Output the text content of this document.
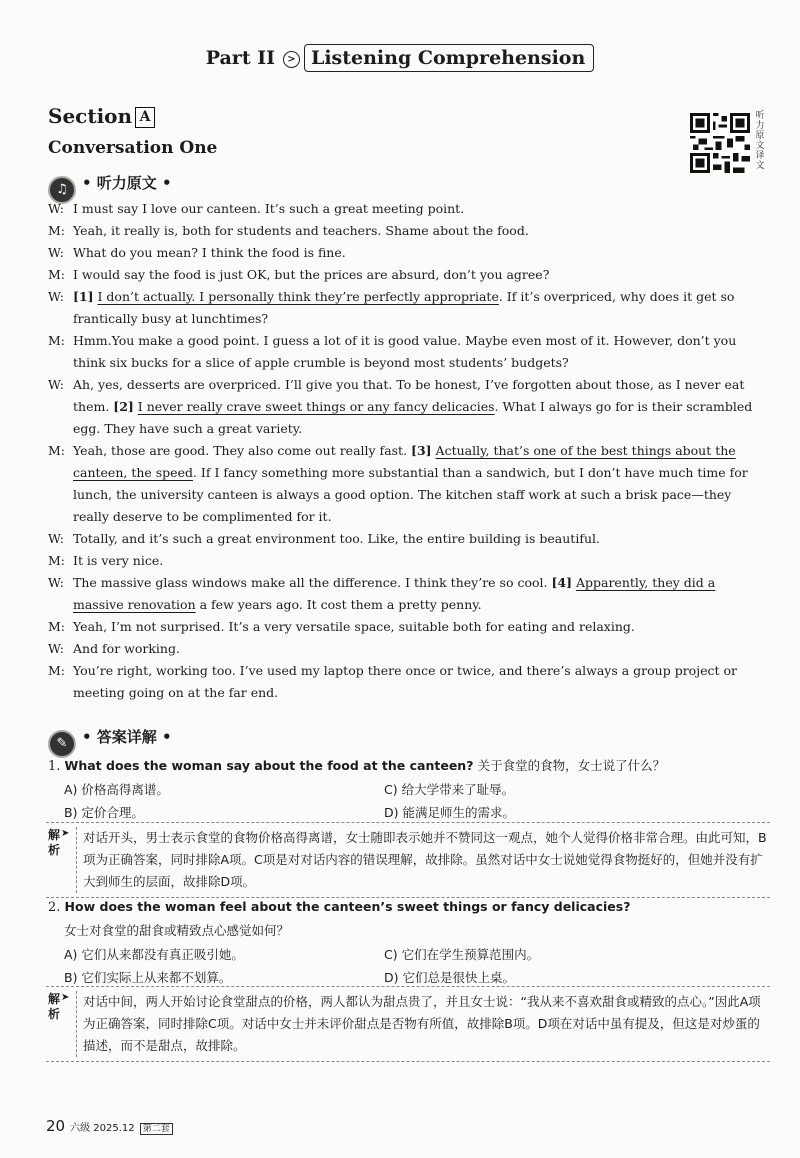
Part II > Listening Comprehension
Section A
Conversation One
听力原文译文
♫ • 听力原文 •
W: I must say I love our canteen. It’s such a great meeting point.
M: Yeah, it really is, both for students and teachers. Shame about the food.
W: What do you mean? I think the food is fine.
M: I would say the food is just OK, but the prices are absurd, don’t you agree?
W: [1] I don’t actually. I personally think they’re perfectly appropriate. If it’s overpriced, why does it get so frantically busy at lunchtimes?
M: Hmm.You make a good point. I guess a lot of it is good value. Maybe even most of it. However, don’t you think six bucks for a slice of apple crumble is beyond most students’ budgets?
W: Ah, yes, desserts are overpriced. I’ll give you that. To be honest, I’ve forgotten about those, as I never eat them. [2] I never really crave sweet things or any fancy delicacies. What I always go for is their scrambled egg. They have such a great variety.
M: Yeah, those are good. They also come out really fast. [3] Actually, that’s one of the best things about the canteen, the speed. If I fancy something more substantial than a sandwich, but I don’t have much time for lunch, the university canteen is always a good option. The kitchen staff work at such a brisk pace—they really deserve to be complimented for it.
W: Totally, and it’s such a great environment too. Like, the entire building is beautiful.
M: It is very nice.
W: The massive glass windows make all the difference. I think they’re so cool. [4] Apparently, they did a massive renovation a few years ago. It cost them a pretty penny.
M: Yeah, I’m not surprised. It’s a very versatile space, suitable both for eating and relaxing.
W: And for working.
M: You’re right, working too. I’ve used my laptop there once or twice, and there’s always a group project or meeting going on at the far end.
✎ • 答案详解 •
1. What does the woman say about the food at the canteen? 关于食堂的食物，女士说了什么？
A) 价格高得离谱。	C) 给大学带来了耻辱。
B) 定价合理。	D) 能满足师生的需求。
解析
➤	对话开头，男士表示食堂的食物价格高得离谱，女士随即表示她并不赞同这一观点，她个人觉得价格非常合理。由此可知，B项为正确答案，同时排除A项。C项是对对话内容的错误理解，故排除。虽然对话中女士说她觉得食物挺好的，但她并没有扩大到师生的层面，故排除D项。
2. How does the woman feel about the canteen’s sweet things or fancy delicacies?
女士对食堂的甜食或精致点心感觉如何？
A) 它们从来都没有真正吸引她。	C) 它们在学生预算范围内。
B) 它们实际上从来都不划算。	D) 它们总是很快上桌。
解析
➤	对话中间，两人开始讨论食堂甜点的价格，两人都认为甜点贵了，并且女士说：“我从来不喜欢甜食或精致的点心。”因此A项为正确答案，同时排除C项。对话中女士并未评价甜点是否物有所值，故排除B项。D项在对话中虽有提及，但这是对炒蛋的描述，而不是甜点，故排除。
20 六级 2025.12 第二套
